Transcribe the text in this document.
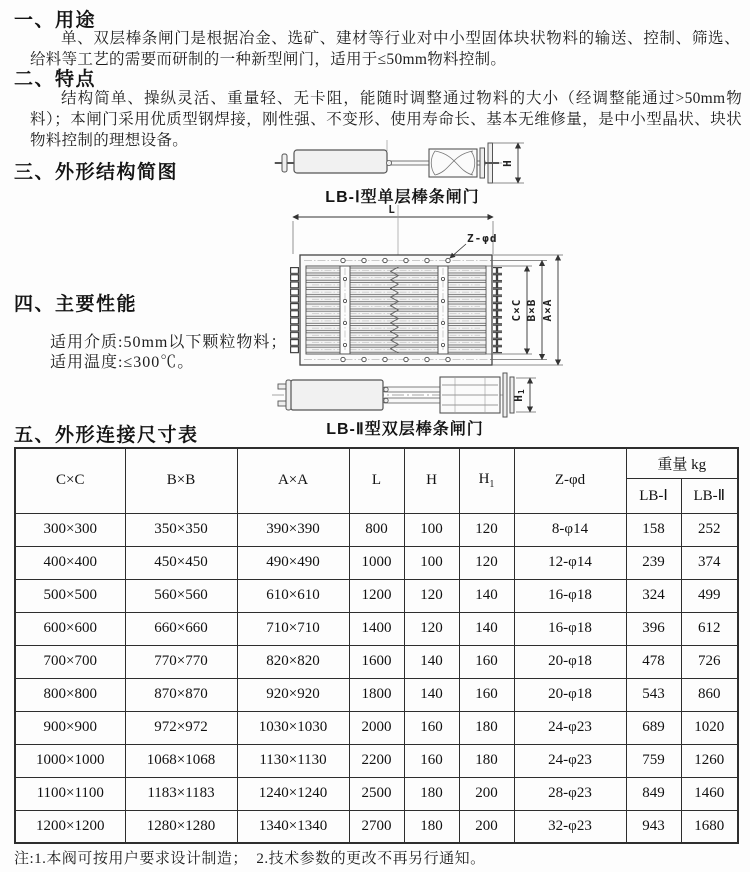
一、用途
单、双层棒条闸门是根据冶金、选矿、建材等行业对中小型固体块状物料的输送、控制、筛选、给料等工艺的需要而研制的一种新型闸门，适用于≤50mm物料控制。
二、特点
结构简单、操纵灵活、重量轻、无卡阻，能随时调整通过物料的大小（经调整能通过>50mm物料）；本闸门采用优质型钢焊接，刚性强、不变形、使用寿命长、基本无维修量，是中小型晶状、块状物料控制的理想设备。
三、外形结构简图	H
LB-Ⅰ型单层棒条闸门
L
Z-φd
C×C B×B A×A
四、主要性能
适用介质:50mm以下颗粒物料；
适用温度:≤300℃。
H1
LB-Ⅱ型双层棒条闸门
五、外形连接尺寸表
C×C	B×B	A×A	L	H	$H_1$	Z-φd	重量 kg	
							LB-Ⅰ	LB-Ⅱ
300×300	350×350	390×390	800	100	120	8-φ14	158	252
400×400	450×450	490×490	1000	100	120	12-φ14	239	374
500×500	560×560	610×610	1200	120	140	16-φ18	324	499
600×600	660×660	710×710	1400	120	140	16-φ18	396	612
700×700	770×770	820×820	1600	140	160	20-φ18	478	726
800×800	870×870	920×920	1800	140	160	20-φ18	543	860
900×900	972×972	1030×1030	2000	160	180	24-φ23	689	1020
1000×1000	1068×1068	1130×1130	2200	160	180	24-φ23	759	1260
1100×1100	1183×1183	1240×1240	2500	180	200	28-φ23	849	1460
1200×1200	1280×1280	1340×1340	2700	180	200	32-φ23	943	1680
注:1.本阀可按用户要求设计制造；  2.技术参数的更改不再另行通知。
